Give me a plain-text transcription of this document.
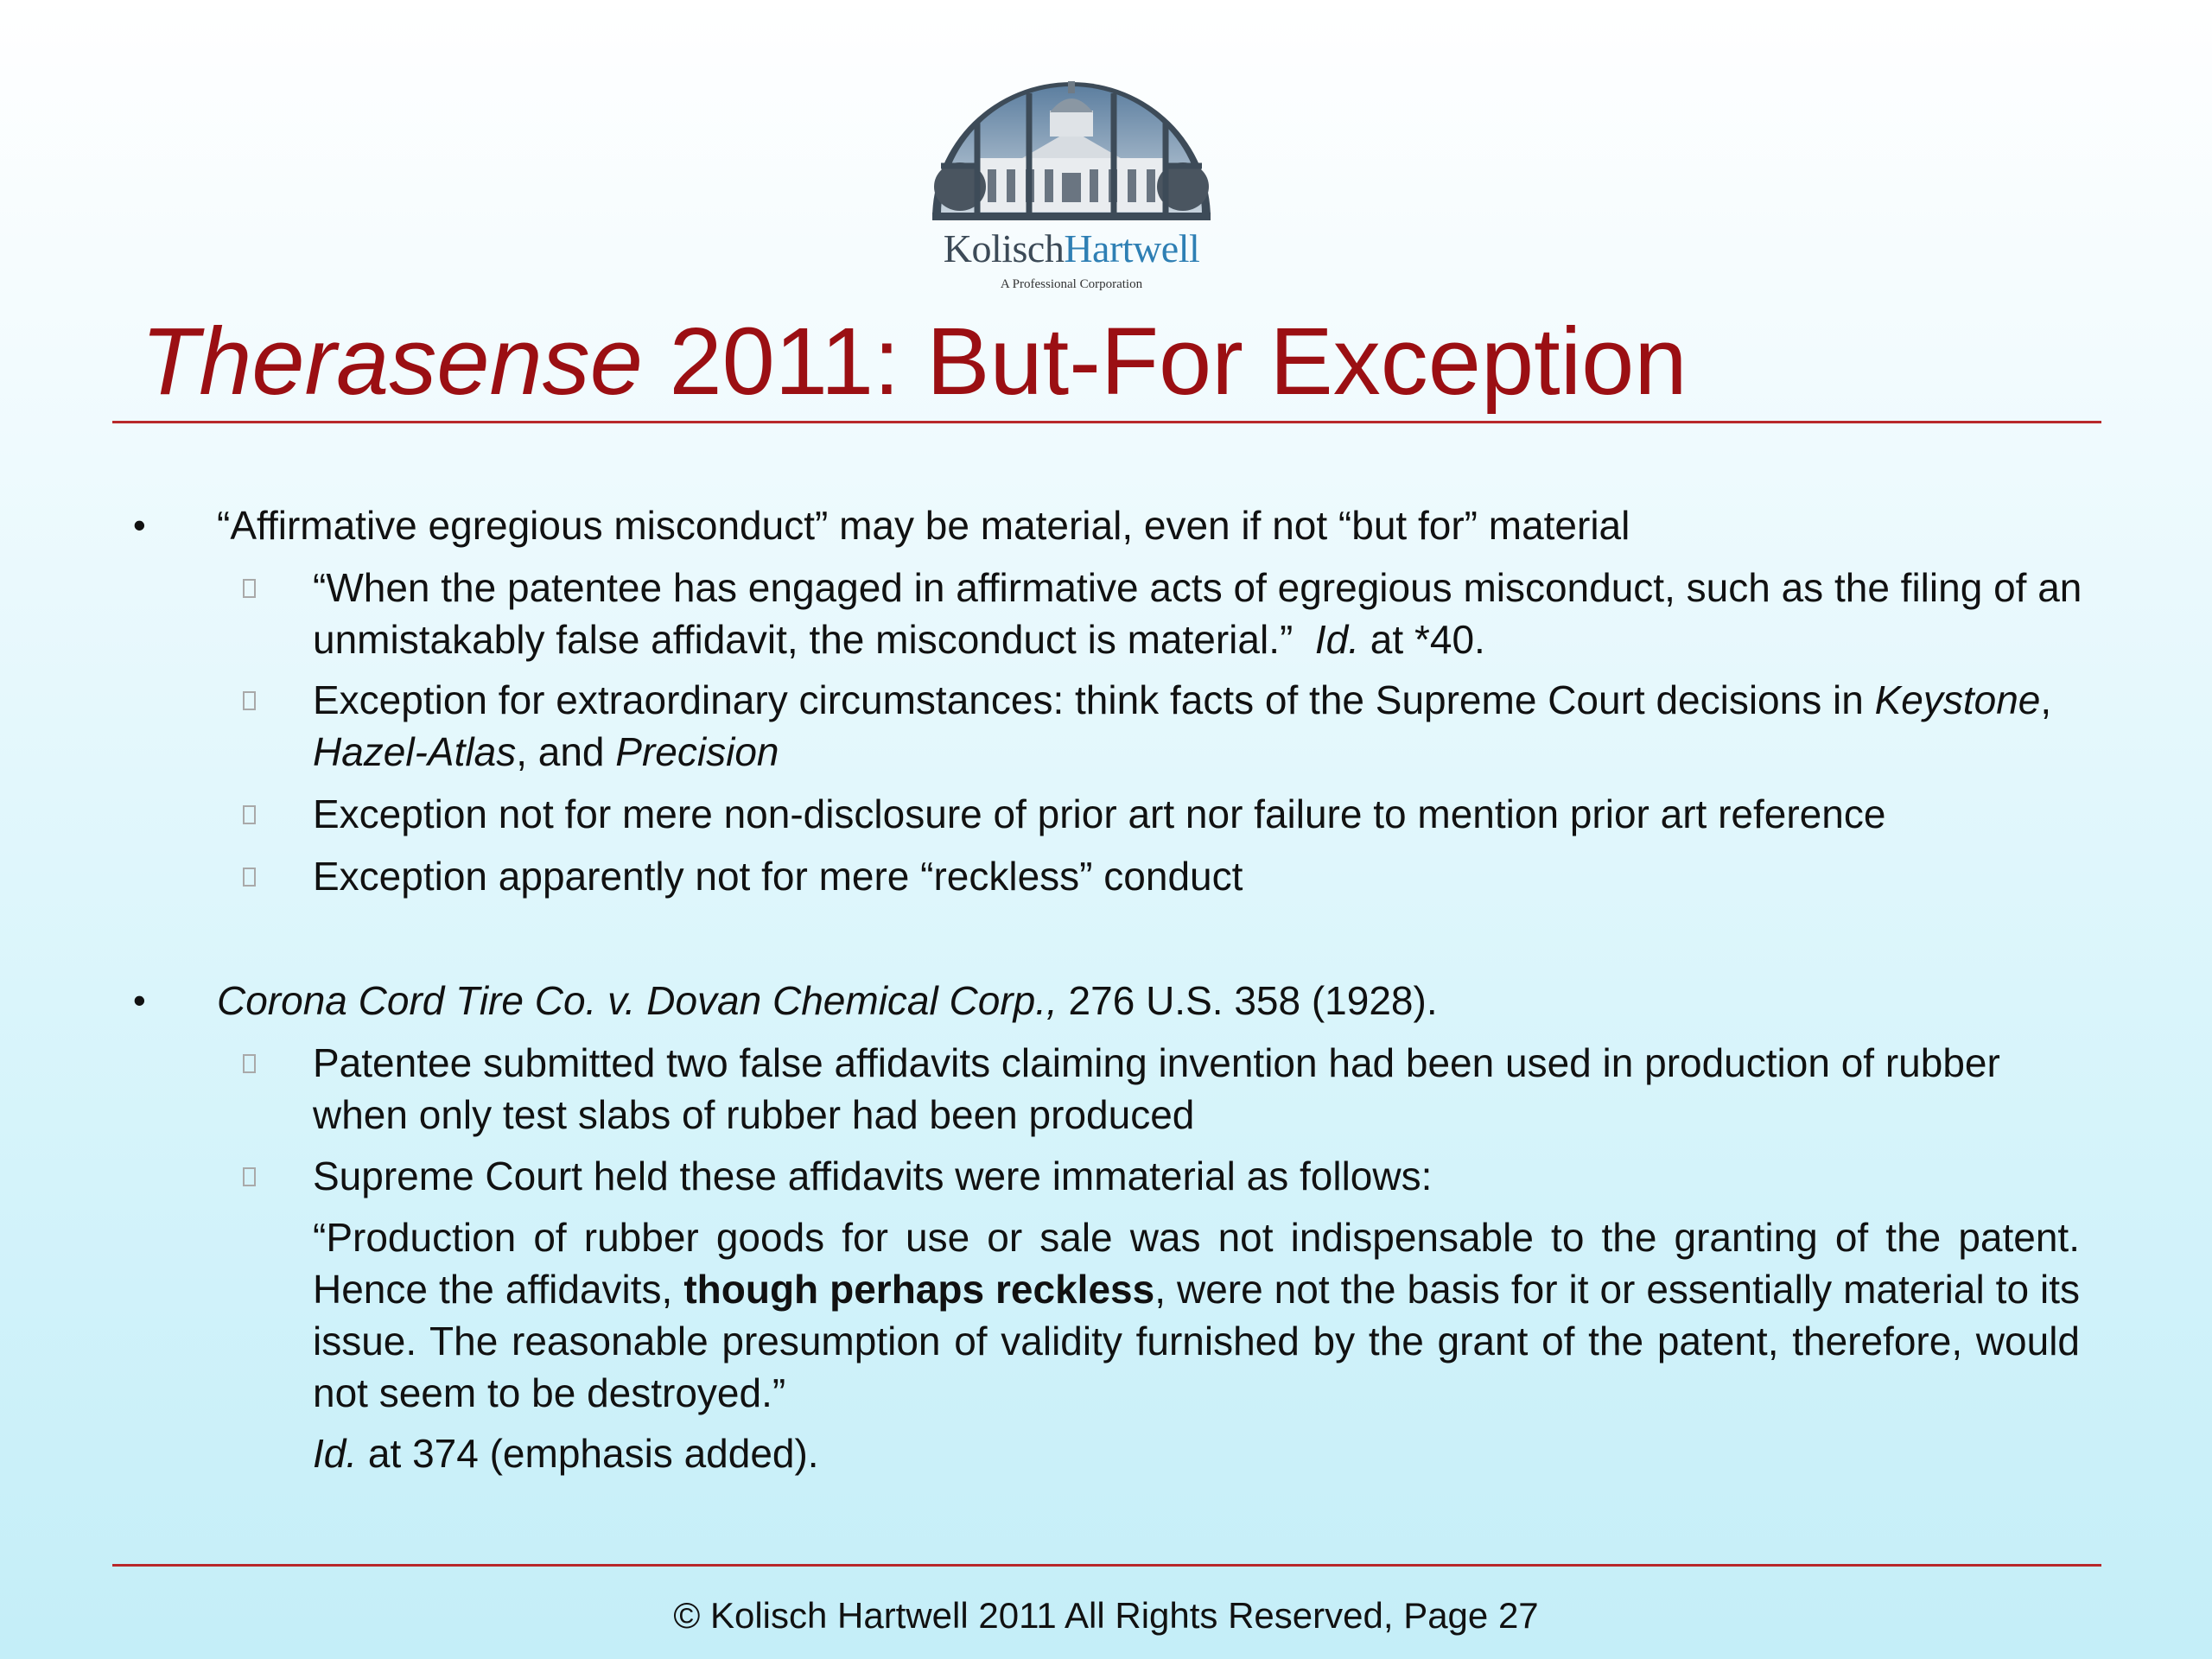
KolischHartwell
A Professional Corporation
Therasense 2011: But-For Exception
• “Affirmative egregious misconduct” may be material, even if not “but for” material
“When the patentee has engaged in affirmative acts of egregious misconduct, such as the filing of an unmistakably false affidavit, the misconduct is material.” Id. at *40.
Exception for extraordinary circumstances: think facts of the Supreme Court decisions in Keystone, Hazel-Atlas, and Precision
Exception not for mere non-disclosure of prior art nor failure to mention prior art reference
Exception apparently not for mere “reckless” conduct
• Corona Cord Tire Co. v. Dovan Chemical Corp., 276 U.S. 358 (1928).
Patentee submitted two false affidavits claiming invention had been used in production of rubber when only test slabs of rubber had been produced
Supreme Court held these affidavits were immaterial as follows:
“Production of rubber goods for use or sale was not indispensable to the granting of the patent. Hence the affidavits, though perhaps reckless, were not the basis for it or essentially material to its issue. The reasonable presumption of validity furnished by the grant of the patent, therefore, would not seem to be destroyed.”
Id. at 374 (emphasis added).
© Kolisch Hartwell 2011 All Rights Reserved, Page 27
